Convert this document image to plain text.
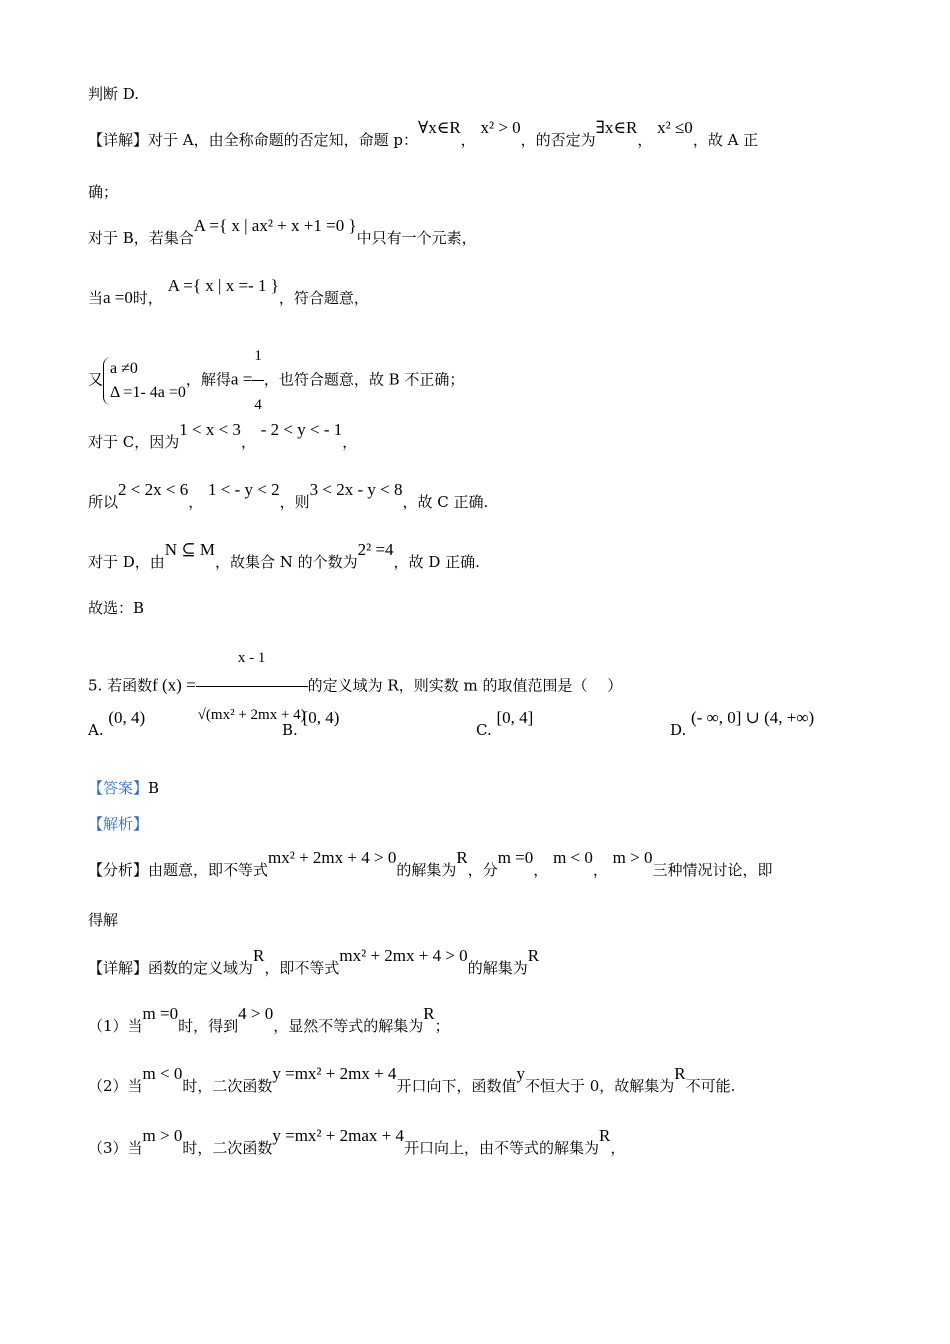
判断 D.
【详解】对于 A，由全称命题的否定知，命题 p：∀x∈R， x² > 0，的否定为∃x∈R， x² ≤0，故 A 正
确；
对于 B，若集合A ={ x | ax² + x +1 =0 }中只有一个元素，
当a =0时， A ={ x | x =- 1 }，符合题意，
又
a ≠0
Δ =1- 4a =0
，解得$a = \frac{1}{4}$ ，也符合题意，故 B 不正确；
对于 C，因为1 < x < 3， - 2 < y < - 1，
所以2 < 2x < 6， 1 < - y < 2，则3 < 2x - y < 8，故 C 正确.
对于 D，由N ⊆ M，故集合 N 的个数为2² =4，故 D 正确.
故选：B
5. 若函数f $(x) = \frac{x - 1}{\text{√(mx² + 2mx + 4)}}$ 的定义域为 R，则实数 m 的取值范围是（　 ）
A. (0, 4)
B. [0, 4)
C. [0, 4]
D. (- ∞, 0] ∪ (4, +∞)
【答案】B
【解析】
【分析】由题意，即不等式mx² + 2mx + 4 > 0的解集为R，分m =0， m < 0， m > 0三种情况讨论，即
得解
【详解】函数的定义域为R，即不等式mx² + 2mx + 4 > 0的解集为R
（1）当m =0时，得到4 > 0，显然不等式的解集为R；
（2）当m < 0时，二次函数y =mx² + 2mx + 4开口向下，函数值y不恒大于 0，故解集为R不可能.
（3）当m > 0时，二次函数y =mx² + 2max + 4开口向上，由不等式的解集为R，
